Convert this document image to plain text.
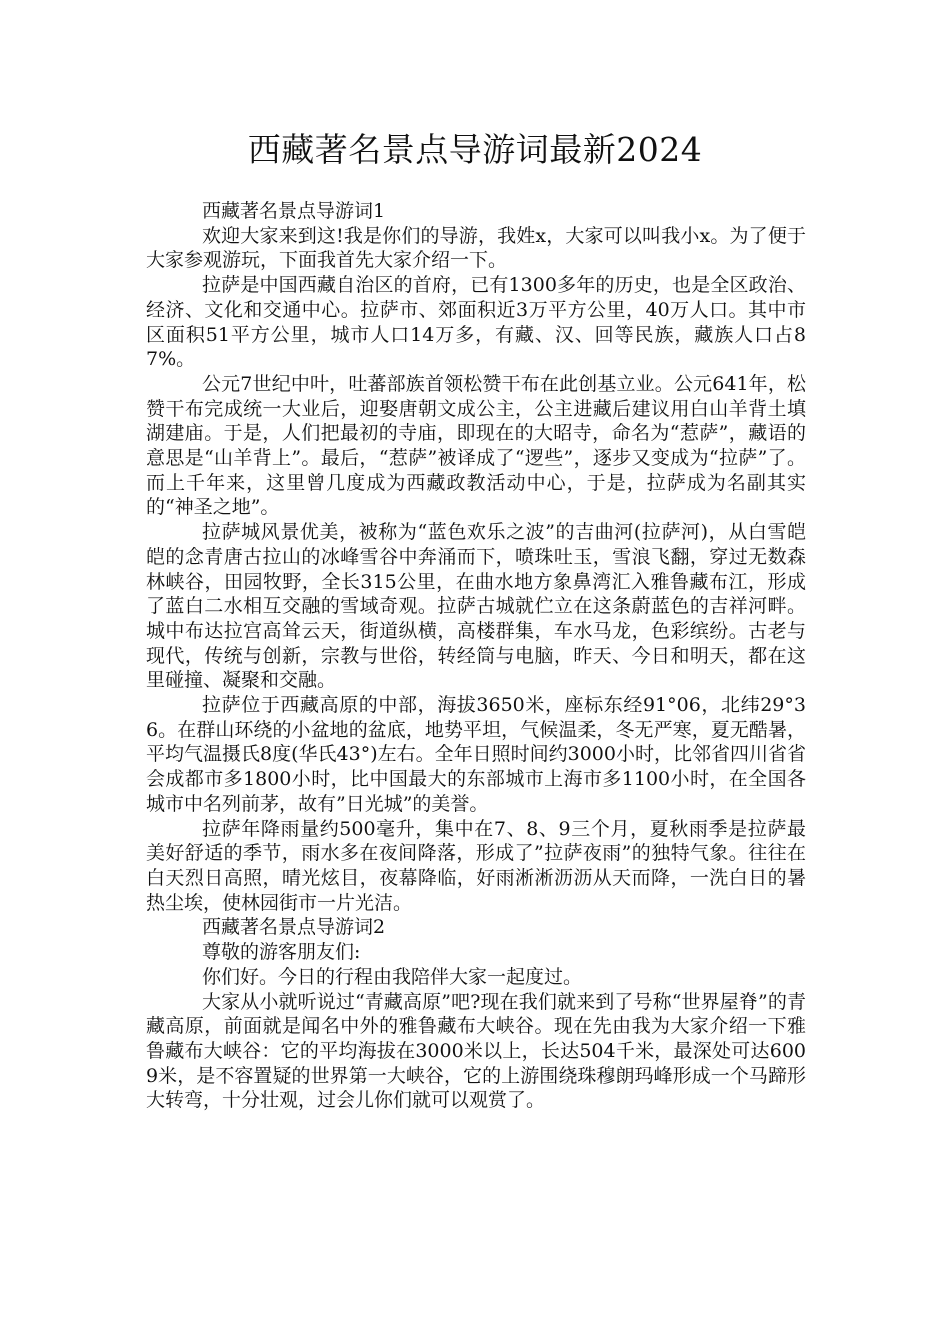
西藏著名景点导游词最新2024

西藏著名景点导游词1

欢迎大家来到这!我是你们的导游，我姓x，大家可以叫我小x。为了便于大家参观游玩，下面我首先大家介绍一下。

拉萨是中国西藏自治区的首府，已有1300多年的历史，也是全区政治、经济、文化和交通中心。拉萨市、郊面积近3万平方公里，40万人口。其中市区面积51平方公里，城市人口14万多，有藏、汉、回等民族，藏族人口占87%。

公元7世纪中叶，吐蕃部族首领松赞干布在此创基立业。公元641年，松赞干布完成统一大业后，迎娶唐朝文成公主，公主进藏后建议用白山羊背土填湖建庙。于是，人们把最初的寺庙，即现在的大昭寺，命名为“惹萨”，藏语的意思是“山羊背上”。最后，“惹萨”被译成了“逻些”，逐步又变成为“拉萨”了。而上千年来，这里曾几度成为西藏政教活动中心，于是，拉萨成为名副其实的“神圣之地”。

拉萨城风景优美，被称为“蓝色欢乐之波”的吉曲河(拉萨河)，从白雪皑皑的念青唐古拉山的冰峰雪谷中奔涌而下，喷珠吐玉，雪浪飞翻，穿过无数森林峡谷，田园牧野，全长315公里，在曲水地方象鼻湾汇入雅鲁藏布江，形成了蓝白二水相互交融的雪域奇观。拉萨古城就伫立在这条蔚蓝色的吉祥河畔。城中布达拉宫高耸云天，街道纵横，高楼群集，车水马龙，色彩缤纷。古老与现代，传统与创新，宗教与世俗，转经筒与电脑，昨天、今日和明天，都在这里碰撞、凝聚和交融。

拉萨位于西藏高原的中部，海拔3650米，座标东经91°06，北纬29°36。在群山环绕的小盆地的盆底，地势平坦，气候温柔，冬无严寒，夏无酷暑，平均气温摄氏8度(华氏43°)左右。全年日照时间约3000小时，比邻省四川省省会成都市多1800小时，比中国最大的东部城市上海市多1100小时，在全国各城市中名列前茅，故有”日光城”的美誉。

拉萨年降雨量约500毫升，集中在7、8、9三个月，夏秋雨季是拉萨最美好舒适的季节，雨水多在夜间降落，形成了”拉萨夜雨”的独特气象。往往在白天烈日高照，晴光炫目，夜幕降临，好雨淅淅沥沥从天而降，一洗白日的暑热尘埃，使林园街市一片光洁。

西藏著名景点导游词2

尊敬的游客朋友们:

你们好。今日的行程由我陪伴大家一起度过。

大家从小就听说过“青藏高原”吧?现在我们就来到了号称“世界屋脊”的青藏高原，前面就是闻名中外的雅鲁藏布大峡谷。现在先由我为大家介绍一下雅鲁藏布大峡谷：它的平均海拔在3000米以上，长达504千米，最深处可达6009米，是不容置疑的世界第一大峡谷，它的上游围绕珠穆朗玛峰形成一个马蹄形大转弯，十分壮观，过会儿你们就可以观赏了。
